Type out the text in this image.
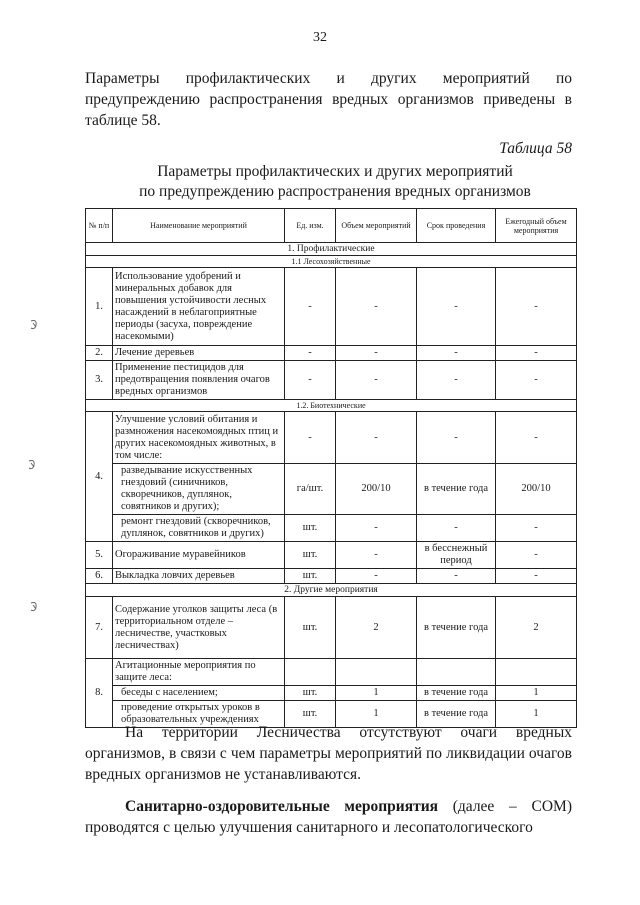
32
Параметры профилактических и других мероприятий по предупреждению распространения вредных организмов приведены в таблице 58.
Таблица 58
Параметры профилактических и других мероприятий
по предупреждению распространения вредных организмов
№ п/п	Наименование мероприятий	Ед. изм.	Объем мероприятий	Срок проведения	Ежегодный объем мероприятия
1. Профилактические					
1.1 Лесохозяйственные					
1.	Использование удобрений и минеральных добавок для повышения устойчивости лесных насаждений в неблагоприятные периоды (засуха, повреждение насекомыми)	-	-	-	-
2.	Лечение деревьев	-	-	-	-
3.	Применение пестицидов для предотвращения появления очагов вредных организмов	-	-	-	-
1.2. Биотехнические					
4.	Улучшение условий обитания и размножения насекомоядных птиц и других насекомоядных животных, в том числе:	-	-	-	-
	разведывание искусственных гнездовий (синичников, скворечников, дуплянок, совятников и других);	га/шт.	200/10	в течение года	200/10
	ремонт гнездовий (скворечников, дуплянок, совятников и других)	шт.	-	-	-
5.	Огораживание муравейников	шт.	-	в бесснежный период	-
6.	Выкладка ловчих деревьев	шт.	-	-	-
2. Другие мероприятия					
7.	Содержание уголков защиты леса (в территориальном отделе – лесничестве, участковых лесничествах)	шт.	2	в течение года	2
8.	Агитационные мероприятия по защите леса:				
	беседы с населением;	шт.	1	в течение года	1
	проведение открытых уроков в образовательных учреждениях	шт.	1	в течение года	1
На территории Лесничества отсутствуют очаги вредных организмов, в связи с чем параметры мероприятий по ликвидации очагов вредных организмов не устанавливаются.
Санитарно-оздоровительные мероприятия (далее – СОМ) проводятся с целью улучшения санитарного и лесопатологического
